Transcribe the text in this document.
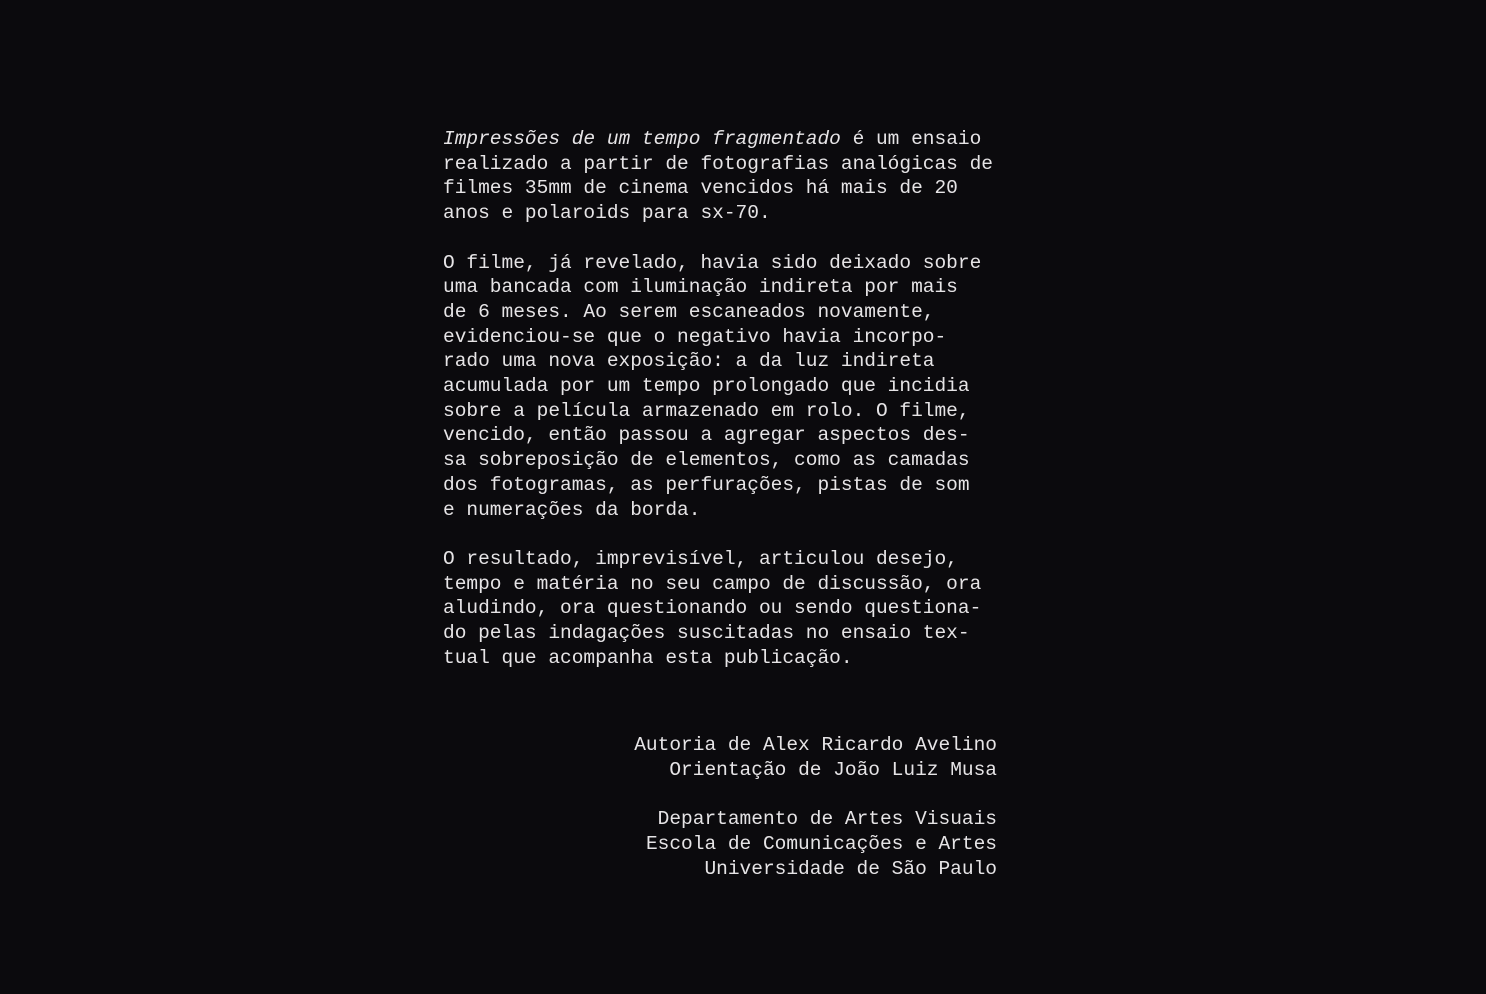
Impressões de um tempo fragmentado é um ensaio
realizado a partir de fotografias analógicas de
filmes 35mm de cinema vencidos há mais de 20
anos e polaroids para sx-70.

O filme, já revelado, havia sido deixado sobre
uma bancada com iluminação indireta por mais
de 6 meses. Ao serem escaneados novamente,
evidenciou-se que o negativo havia incorpo-
rado uma nova exposição: a da luz indireta
acumulada por um tempo prolongado que incidia
sobre a película armazenado em rolo. O filme,
vencido, então passou a agregar aspectos des-
sa sobreposição de elementos, como as camadas
dos fotogramas, as perfurações, pistas de som
e numerações da borda.

O resultado, imprevisível, articulou desejo,
tempo e matéria no seu campo de discussão, ora
aludindo, ora questionando ou sendo questiona-
do pelas indagações suscitadas no ensaio tex-
tual que acompanha esta publicação.

Autoria de Alex Ricardo Avelino
Orientação de João Luiz Musa
Departamento de Artes Visuais
Escola de Comunicações e Artes
Universidade de São Paulo
